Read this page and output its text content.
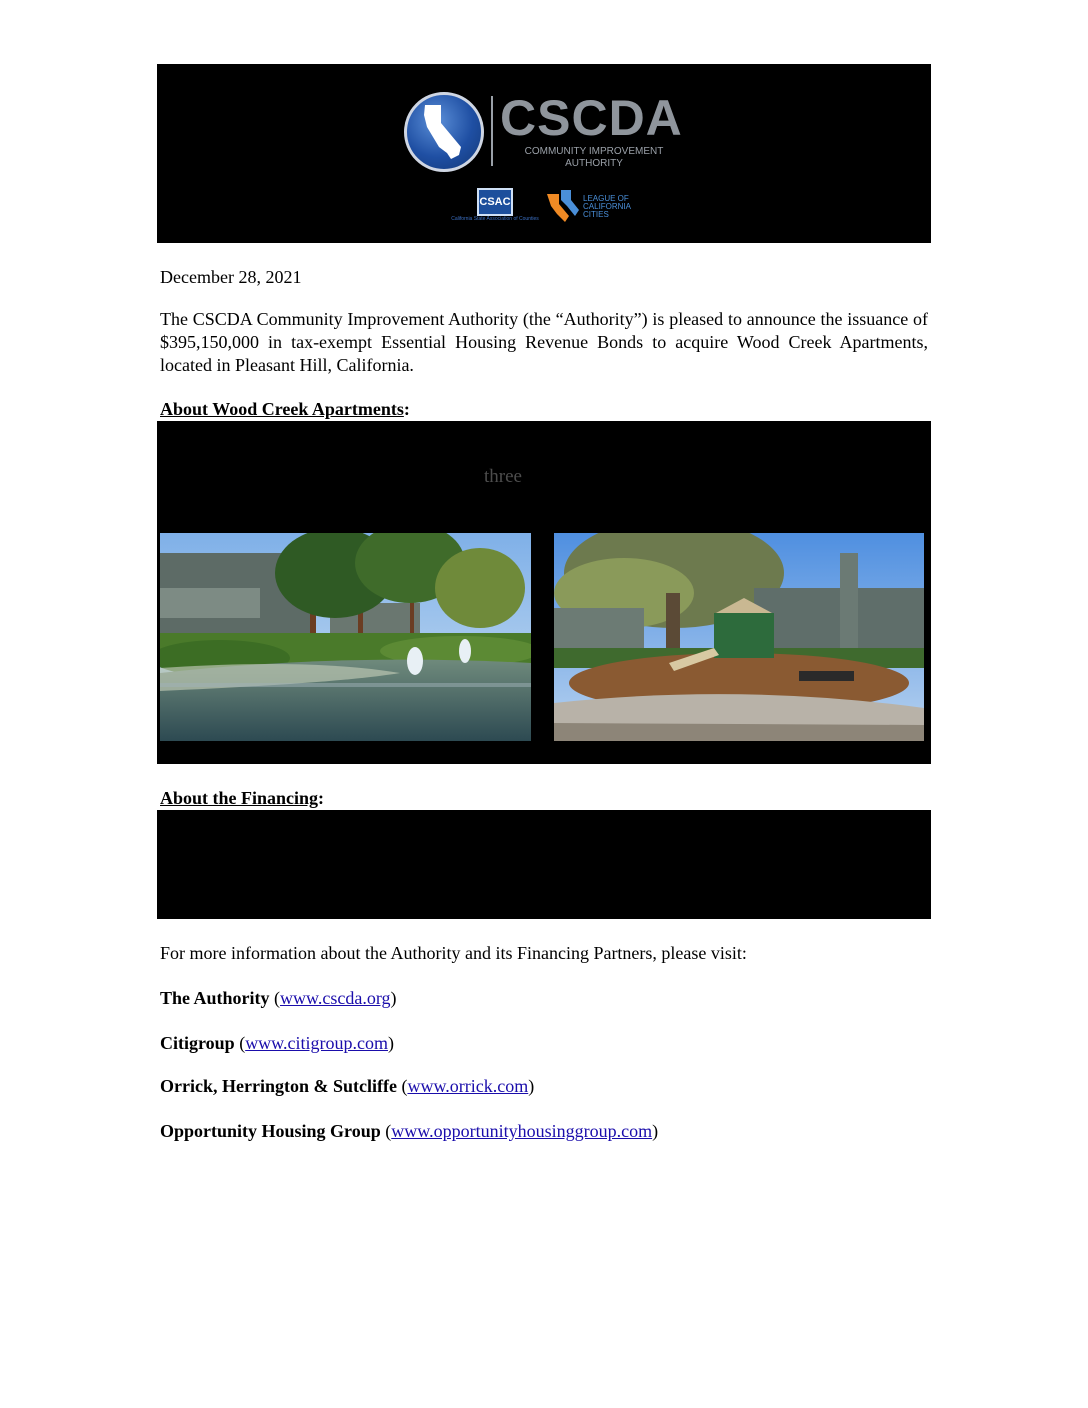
CSCDA
COMMUNITY IMPROVEMENT
AUTHORITY
CSAC
California State Association of Counties
LEAGUE OF
CALIFORNIA
CITIES
December 28, 2021
The CSCDA Community Improvement Authority (the “Authority”) is pleased to announce the issuance of $395,150,000 in tax-exempt Essential Housing Revenue Bonds to acquire Wood Creek Apartments, located in Pleasant Hill, California.
About Wood Creek Apartments:
three
About the Financing:
For more information about the Authority and its Financing Partners, please visit:
The Authority (www.cscda.org)
Citigroup (www.citigroup.com)
Orrick, Herrington & Sutcliffe (www.orrick.com)
Opportunity Housing Group (www.opportunityhousinggroup.com)
